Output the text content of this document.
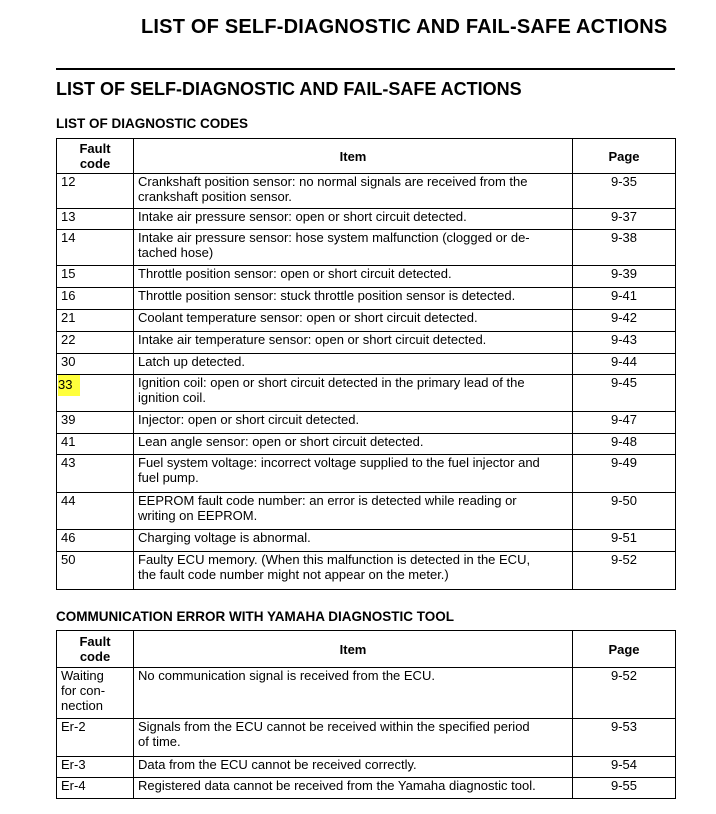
LIST OF SELF-DIAGNOSTIC AND FAIL-SAFE ACTIONS
LIST OF SELF-DIAGNOSTIC AND FAIL-SAFE ACTIONS
LIST OF DIAGNOSTIC CODES
Fault
code	Item	Page
12	Crankshaft position sensor: no normal signals are received from the
crankshaft position sensor.	9-35
13	Intake air pressure sensor: open or short circuit detected.	9-37
14	Intake air pressure sensor: hose system malfunction (clogged or de-
tached hose)	9-38
15	Throttle position sensor: open or short circuit detected.	9-39
16	Throttle position sensor: stuck throttle position sensor is detected.	9-41
21	Coolant temperature sensor: open or short circuit detected.	9-42
22	Intake air temperature sensor: open or short circuit detected.	9-43
30	Latch up detected.	9-44
33	Ignition coil: open or short circuit detected in the primary lead of the
ignition coil.	9-45
39	Injector: open or short circuit detected.	9-47
41	Lean angle sensor: open or short circuit detected.	9-48
43	Fuel system voltage: incorrect voltage supplied to the fuel injector and
fuel pump.	9-49
44	EEPROM fault code number: an error is detected while reading or
writing on EEPROM.	9-50
46	Charging voltage is abnormal.	9-51
50	Faulty ECU memory. (When this malfunction is detected in the ECU,
the fault code number might not appear on the meter.)	9-52
COMMUNICATION ERROR WITH YAMAHA DIAGNOSTIC TOOL
Fault
code	Item	Page
Waiting
for con-
nection	No communication signal is received from the ECU.	9-52
Er-2	Signals from the ECU cannot be received within the specified period
of time.	9-53
Er-3	Data from the ECU cannot be received correctly.	9-54
Er-4	Registered data cannot be received from the Yamaha diagnostic tool.	9-55
